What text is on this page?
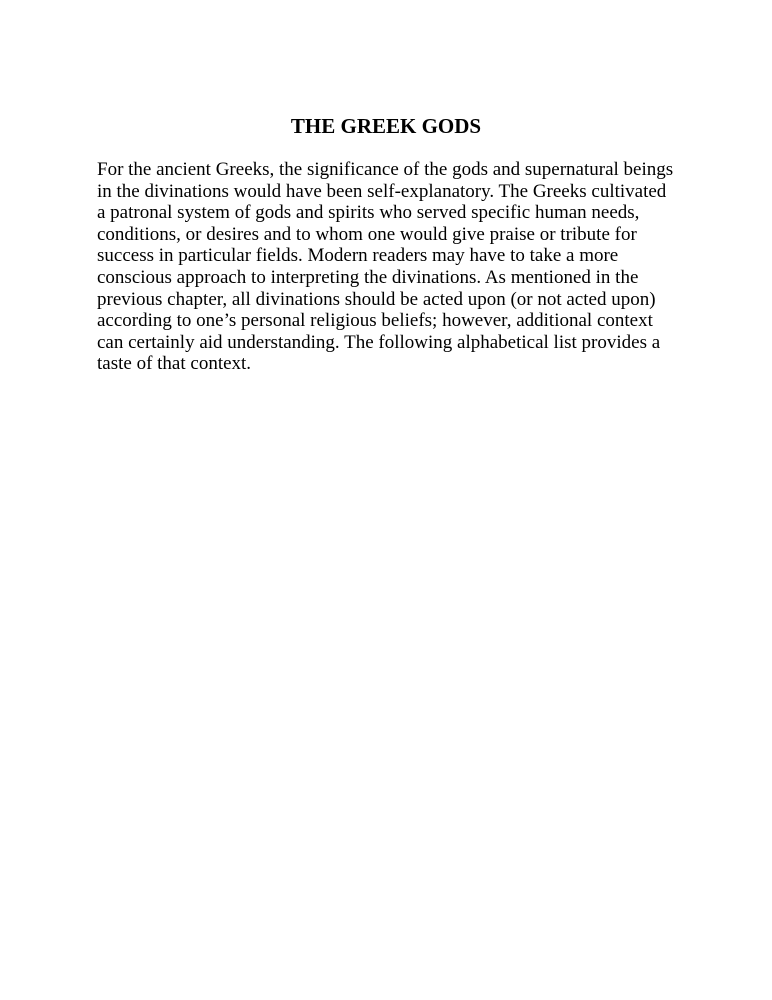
THE GREEK GODS

For the ancient Greeks, the significance of the gods and supernatural beings
in the divinations would have been self-explanatory. The Greeks cultivated
a patronal system of gods and spirits who served specific human needs,
conditions, or desires and to whom one would give praise or tribute for
success in particular fields. Modern readers may have to take a more
conscious approach to interpreting the divinations. As mentioned in the
previous chapter, all divinations should be acted upon (or not acted upon)
according to one’s personal religious beliefs; however, additional context
can certainly aid understanding. The following alphabetical list provides a
taste of that context.
